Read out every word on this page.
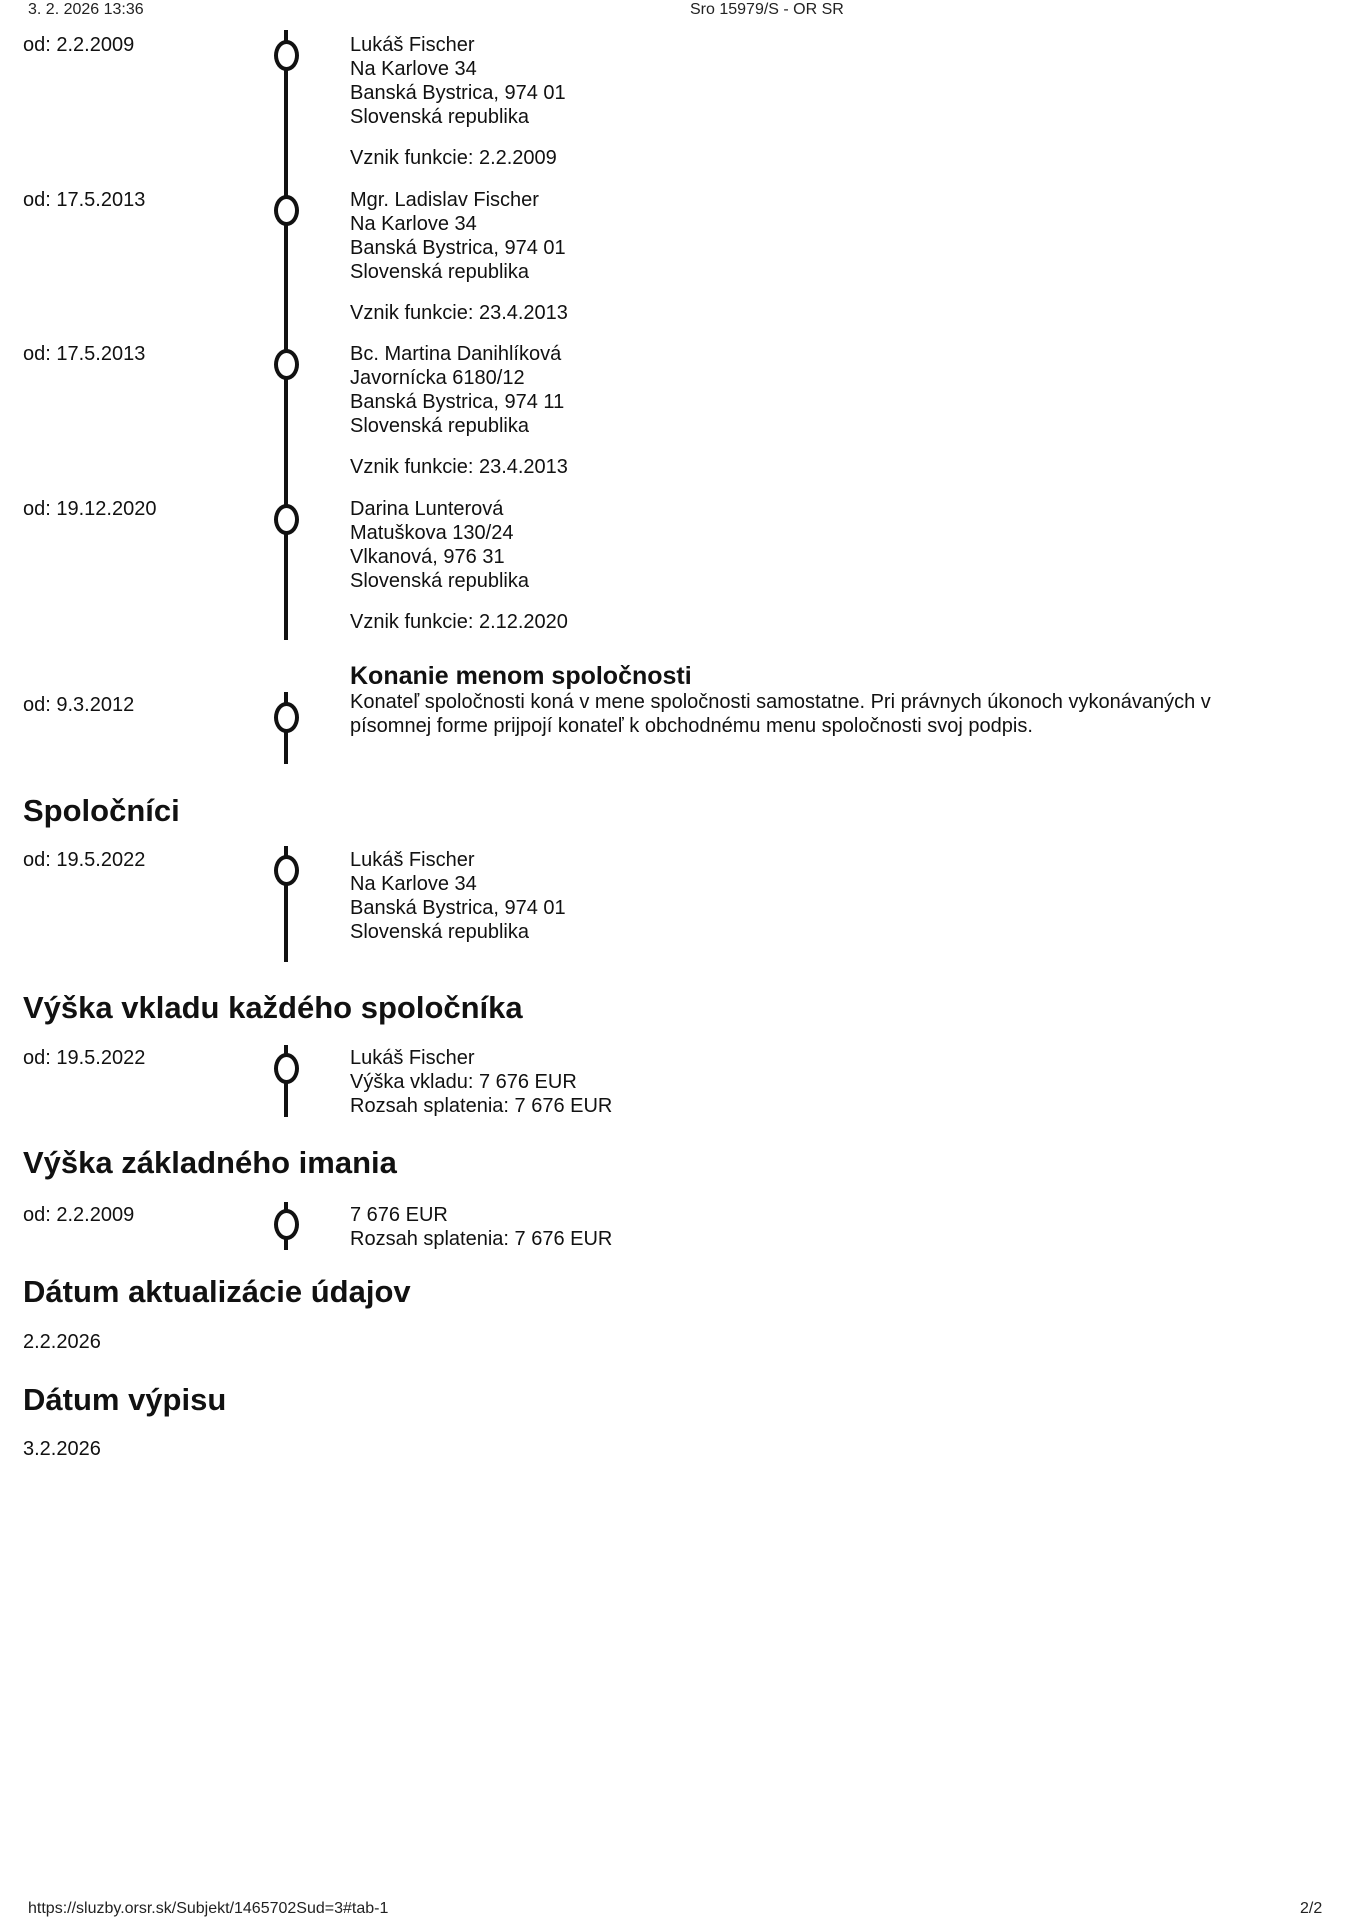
3. 2. 2026 13:36	Sro 15979/S - OR SR
od: 2.2.2009	Lukáš Fischer
Na Karlove 34
Banská Bystrica, 974 01
Slovenská republika
Vznik funkcie: 2.2.2009
od: 17.5.2013	Mgr. Ladislav Fischer
Na Karlove 34
Banská Bystrica, 974 01
Slovenská republika
Vznik funkcie: 23.4.2013
od: 17.5.2013	Bc. Martina Danihlíková
Javornícka 6180/12
Banská Bystrica, 974 11
Slovenská republika
Vznik funkcie: 23.4.2013
od: 19.12.2020	Darina Lunterová
Matuškova 130/24
Vlkanová, 976 31
Slovenská republika
Vznik funkcie: 2.12.2020
od: 9.3.2012
Konanie menom spoločnosti
Konateľ spoločnosti koná v mene spoločnosti samostatne. Pri právnych úkonoch vykonávaných v písomnej forme prijpojí konateľ k obchodnému menu spoločnosti svoj podpis.
Spoločníci
od: 19.5.2022	Lukáš Fischer
Na Karlove 34
Banská Bystrica, 974 01
Slovenská republika
Výška vkladu každého spoločníka
od: 19.5.2022	Lukáš Fischer
Výška vkladu: 7 676 EUR
Rozsah splatenia: 7 676 EUR
Výška základného imania
od: 2.2.2009	7 676 EUR
Rozsah splatenia: 7 676 EUR
Dátum aktualizácie údajov
2.2.2026
Dátum výpisu
3.2.2026
https://sluzby.orsr.sk/Subjekt/1465702Sud=3#tab-1	2/2
